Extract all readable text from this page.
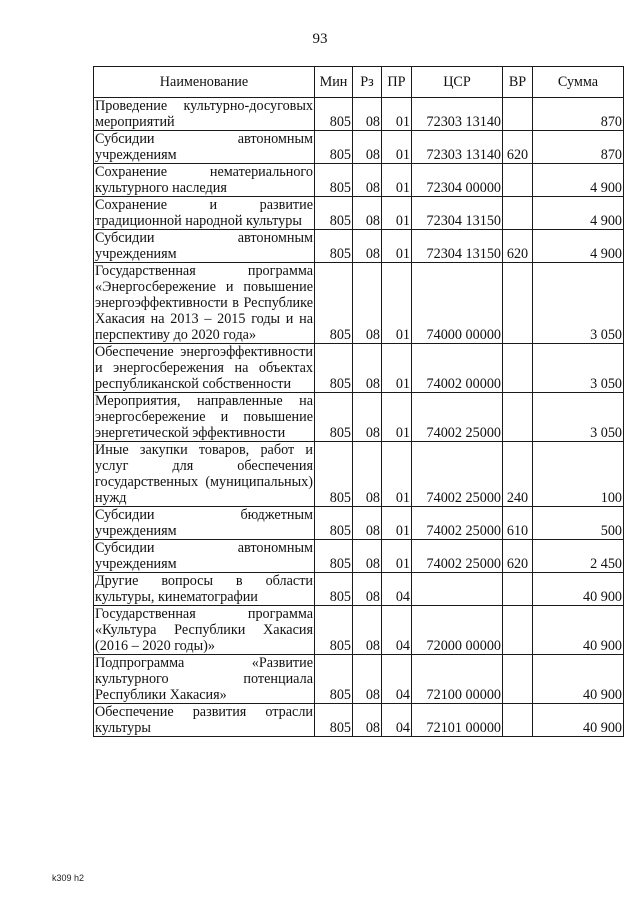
93
Наименование	Мин	Рз	ПР	ЦСР	ВР	Сумма
Проведение культурно-досуговых мероприятий	805	08	01	72303 13140		870
Субсидии автономным учреждениям	805	08	01	72303 13140	620	870
Сохранение нематериального культурного наследия	805	08	01	72304 00000		4 900
Сохранение и развитие традиционной народной культуры	805	08	01	72304 13150		4 900
Субсидии автономным учреждениям	805	08	01	72304 13150	620	4 900
Государственная программа «Энергосбережение и повышение энергоэффективности в Республике Хакасия на 2013 – 2015 годы и на перспективу до 2020 года»	805	08	01	74000 00000		3 050
Обеспечение энергоэффективности и энергосбережения на объектах республиканской собственности	805	08	01	74002 00000		3 050
Мероприятия, направленные на энергосбережение и повышение энергетической эффективности	805	08	01	74002 25000		3 050
Иные закупки товаров, работ и услуг для обеспечения государственных (муниципальных) нужд	805	08	01	74002 25000	240	100
Субсидии бюджетным учреждениям	805	08	01	74002 25000	610	500
Субсидии автономным учреждениям	805	08	01	74002 25000	620	2 450
Другие вопросы в области культуры, кинематографии	805	08	04			40 900
Государственная программа «Культура Республики Хакасия (2016 – 2020 годы)»	805	08	04	72000 00000		40 900
Подпрограмма «Развитие культурного потенциала Республики Хакасия»	805	08	04	72100 00000		40 900
Обеспечение развития отрасли культуры	805	08	04	72101 00000		40 900
k309 h2
